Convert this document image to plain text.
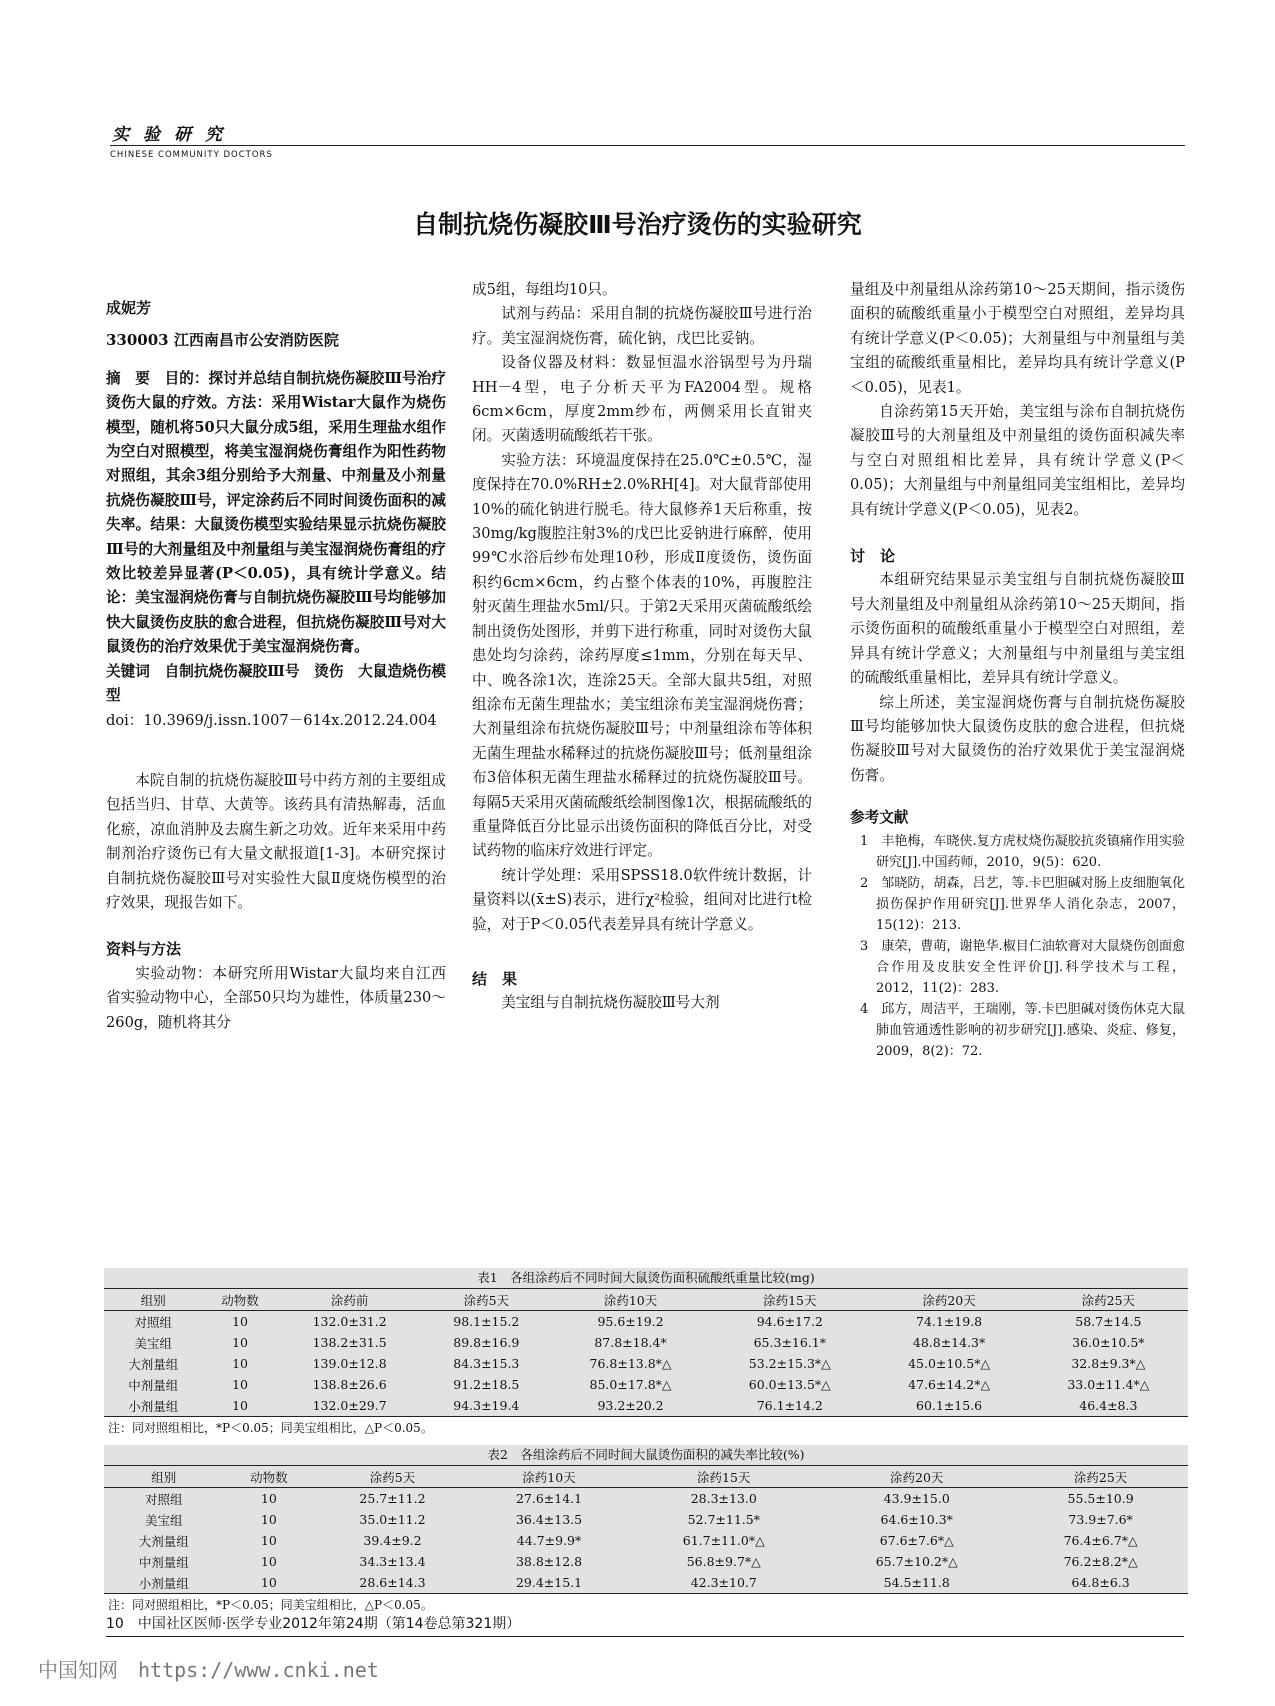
实验研究
CHINESE COMMUNITY DOCTORS
自制抗烧伤凝胶Ⅲ号治疗烫伤的实验研究

成妮芳

330003 江西南昌市公安消防医院

摘　要　目的：探讨并总结自制抗烧伤凝胶Ⅲ号治疗烫伤大鼠的疗效。方法：采用Wistar大鼠作为烧伤模型，随机将50只大鼠分成5组，采用生理盐水组作为空白对照模型，将美宝湿润烧伤膏组作为阳性药物对照组，其余3组分别给予大剂量、中剂量及小剂量抗烧伤凝胶Ⅲ号，评定涂药后不同时间烫伤面积的减失率。结果：大鼠烫伤模型实验结果显示抗烧伤凝胶Ⅲ号的大剂量组及中剂量组与美宝湿润烧伤膏组的疗效比较差异显著(P＜0.05)，具有统计学意义。结论：美宝湿润烧伤膏与自制抗烧伤凝胶Ⅲ号均能够加快大鼠烫伤皮肤的愈合进程，但抗烧伤凝胶Ⅲ号对大鼠烫伤的治疗效果优于美宝湿润烧伤膏。

关键词　自制抗烧伤凝胶Ⅲ号　烫伤　大鼠造烧伤模型

doi：10.3969/j.issn.1007－614x.2012.24.004

本院自制的抗烧伤凝胶Ⅲ号中药方剂的主要组成包括当归、甘草、大黄等。该药具有清热解毒，活血化瘀，凉血消肿及去腐生新之功效。近年来采用中药制剂治疗烫伤已有大量文献报道[1-3]。本研究探讨自制抗烧伤凝胶Ⅲ号对实验性大鼠Ⅱ度烧伤模型的治疗效果，现报告如下。

资料与方法

实验动物：本研究所用Wistar大鼠均来自江西省实验动物中心，全部50只均为雄性，体质量230～260g，随机将其分

成5组，每组均10只。

试剂与药品：采用自制的抗烧伤凝胶Ⅲ号进行治疗。美宝湿润烧伤膏，硫化钠，戊巴比妥钠。

设备仪器及材料：数显恒温水浴锅型号为丹瑞HH－4型，电子分析天平为FA2004型。规格6cm×6cm，厚度2mm纱布，两侧采用长直钳夹闭。灭菌透明硫酸纸若干张。

实验方法：环境温度保持在25.0℃±0.5℃，湿度保持在70.0%RH±2.0%RH[4]。对大鼠背部使用10%的硫化钠进行脱毛。待大鼠修养1天后称重，按30mg/kg腹腔注射3%的戊巴比妥钠进行麻醉，使用99℃水浴后纱布处理10秒，形成Ⅱ度烫伤，烫伤面积约6cm×6cm，约占整个体表的10%，再腹腔注射灭菌生理盐水5ml/只。于第2天采用灭菌硫酸纸绘制出烫伤处图形，并剪下进行称重，同时对烫伤大鼠患处均匀涂药，涂药厚度≤1mm，分别在每天早、中、晚各涂1次，连涂25天。全部大鼠共5组，对照组涂布无菌生理盐水；美宝组涂布美宝湿润烧伤膏；大剂量组涂布抗烧伤凝胶Ⅲ号；中剂量组涂布等体积无菌生理盐水稀释过的抗烧伤凝胶Ⅲ号；低剂量组涂布3倍体积无菌生理盐水稀释过的抗烧伤凝胶Ⅲ号。每隔5天采用灭菌硫酸纸绘制图像1次，根据硫酸纸的重量降低百分比显示出烫伤面积的降低百分比，对受试药物的临床疗效进行评定。

统计学处理：采用SPSS18.0软件统计数据，计量资料以(x̄±S)表示，进行χ²检验，组间对比进行t检验，对于P＜0.05代表差异具有统计学意义。

结　果

美宝组与自制抗烧伤凝胶Ⅲ号大剂

量组及中剂量组从涂药第10～25天期间，指示烫伤面积的硫酸纸重量小于模型空白对照组，差异均具有统计学意义(P＜0.05)；大剂量组与中剂量组与美宝组的硫酸纸重量相比，差异均具有统计学意义(P＜0.05)，见表1。

自涂药第15天开始，美宝组与涂布自制抗烧伤凝胶Ⅲ号的大剂量组及中剂量组的烫伤面积减失率与空白对照组相比差异，具有统计学意义(P＜0.05)；大剂量组与中剂量组同美宝组相比，差异均具有统计学意义(P＜0.05)，见表2。

讨　论

本组研究结果显示美宝组与自制抗烧伤凝胶Ⅲ号大剂量组及中剂量组从涂药第10～25天期间，指示烫伤面积的硫酸纸重量小于模型空白对照组，差异具有统计学意义；大剂量组与中剂量组与美宝组的硫酸纸重量相比，差异具有统计学意义。

综上所述，美宝湿润烧伤膏与自制抗烧伤凝胶Ⅲ号均能够加快大鼠烫伤皮肤的愈合进程，但抗烧伤凝胶Ⅲ号对大鼠烫伤的治疗效果优于美宝湿润烧伤膏。

参考文献

1　丰艳梅，车晓侠.复方虎杖烧伤凝胶抗炎镇痛作用实验研究[J].中国药师，2010，9(5)：620.

2　邹晓防，胡森，吕艺，等.卡巴胆碱对肠上皮细胞氧化损伤保护作用研究[J].世界华人消化杂志，2007，15(12)：213.

3　康荣，曹萌，谢艳华.椒目仁油软膏对大鼠烧伤创面愈合作用及皮肤安全性评价[J].科学技术与工程，2012，11(2)：283.

4　邱方，周洁平，王瑞刚，等.卡巴胆碱对烫伤休克大鼠肺血管通透性影响的初步研究[J].感染、炎症、修复，2009，8(2)：72.

表1　各组涂药后不同时间大鼠烫伤面积硫酸纸重量比较(mg)
组别	动物数	涂药前	涂药5天	涂药10天	涂药15天	涂药20天	涂药25天
对照组	10	132.0±31.2	98.1±15.2	95.6±19.2	94.6±17.2	74.1±19.8	58.7±14.5
美宝组	10	138.2±31.5	89.8±16.9	87.8±18.4*	65.3±16.1*	48.8±14.3*	36.0±10.5*
大剂量组	10	139.0±12.8	84.3±15.3	76.8±13.8*△	53.2±15.3*△	45.0±10.5*△	32.8±9.3*△
中剂量组	10	138.8±26.6	91.2±18.5	85.0±17.8*△	60.0±13.5*△	47.6±14.2*△	33.0±11.4*△
小剂量组	10	132.0±29.7	94.3±19.4	93.2±20.2	76.1±14.2	60.1±15.6	46.4±8.3
注：同对照组相比，*P＜0.05；同美宝组相比，△P＜0.05。
表2　各组涂药后不同时间大鼠烫伤面积的减失率比较(%)
组别	动物数	涂药5天	涂药10天	涂药15天	涂药20天	涂药25天
对照组	10	25.7±11.2	27.6±14.1	28.3±13.0	43.9±15.0	55.5±10.9
美宝组	10	35.0±11.2	36.4±13.5	52.7±11.5*	64.6±10.3*	73.9±7.6*
大剂量组	10	39.4±9.2	44.7±9.9*	61.7±11.0*△	67.6±7.6*△	76.4±6.7*△
中剂量组	10	34.3±13.4	38.8±12.8	56.8±9.7*△	65.7±10.2*△	76.2±8.2*△
小剂量组	10	28.6±14.3	29.4±15.1	42.3±10.7	54.5±11.8	64.8±6.3
注：同对照组相比，*P＜0.05；同美宝组相比，△P＜0.05。
10　中国社区医师·医学专业2012年第24期（第14卷总第321期）
中国知网　https://www.cnki.net
